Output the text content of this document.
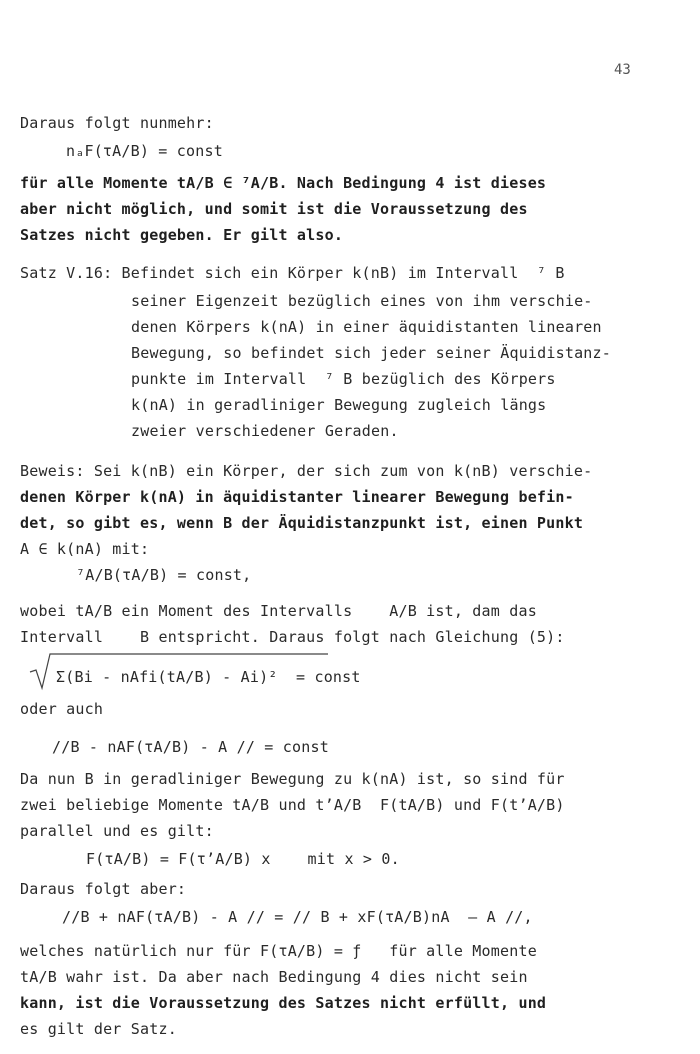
43
Daraus folgt nunmehr:
nₐF(τA/B) = const
für alle Momente tA/B ∈ ⁷A/B. Nach Bedingung 4 ist dieses
aber nicht möglich, und somit ist die Voraussetzung des
Satzes nicht gegeben. Er gilt also.
Satz V.16: Befindet sich ein Körper k(nB) im Intervall  ⁷ B
seiner Eigenzeit bezüglich eines von ihm verschie-
denen Körpers k(nA) in einer äquidistanten linearen
Bewegung, so befindet sich jeder seiner Äquidistanz-
punkte im Intervall  ⁷ B bezüglich des Körpers
k(nA) in geradliniger Bewegung zugleich längs
zweier verschiedener Geraden.
Beweis: Sei k(nB) ein Körper, der sich zum von k(nB) verschie-
denen Körper k(nA) in äquidistanter linearer Bewegung befin-
det, so gibt es, wenn B der Äquidistanzpunkt ist, einen Punkt
A ∈ k(nA) mit:
⁷A/B(τA/B) = const,
wobei tA/B ein Moment des Intervalls    A/B ist, dam das
Intervall    B entspricht. Daraus folgt nach Gleichung (5):
Σ(Bi - nAfi(tA/B) - Ai)²  = const
oder auch
//B - nAF(τA/B) - A // = const
Da nun B in geradliniger Bewegung zu k(nA) ist, so sind für
zwei beliebige Momente tA/B und t’A/B  F(tA/B) und F(t’A/B)
parallel und es gilt:
F(τA/B) = F(τ’A/B) x    mit x > 0.
Daraus folgt aber:
//B + nAF(τA/B) - A // = // B + xF(τA/B)nA  – A //,
welches natürlich nur für F(τA/B) = ƒ   für alle Momente
tA/B wahr ist. Da aber nach Bedingung 4 dies nicht sein
kann, ist die Voraussetzung des Satzes nicht erfüllt, und
es gilt der Satz.
